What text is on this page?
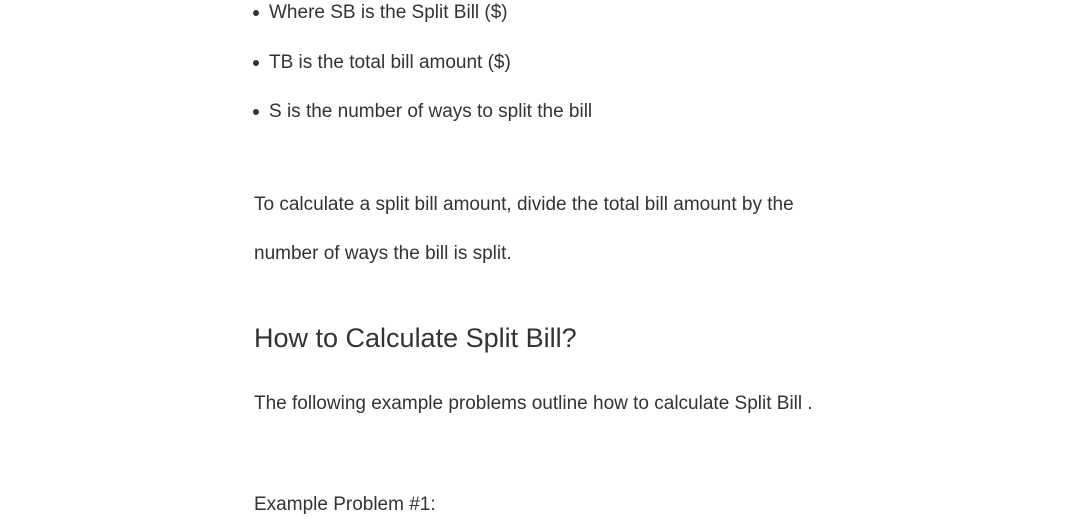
Where SB is the Split Bill ($)
TB is the total bill amount ($)
S is the number of ways to split the bill
To calculate a split bill amount, divide the total bill amount by the
number of ways the bill is split.
How to Calculate Split Bill?
The following example problems outline how to calculate Split Bill .
Example Problem #1:
